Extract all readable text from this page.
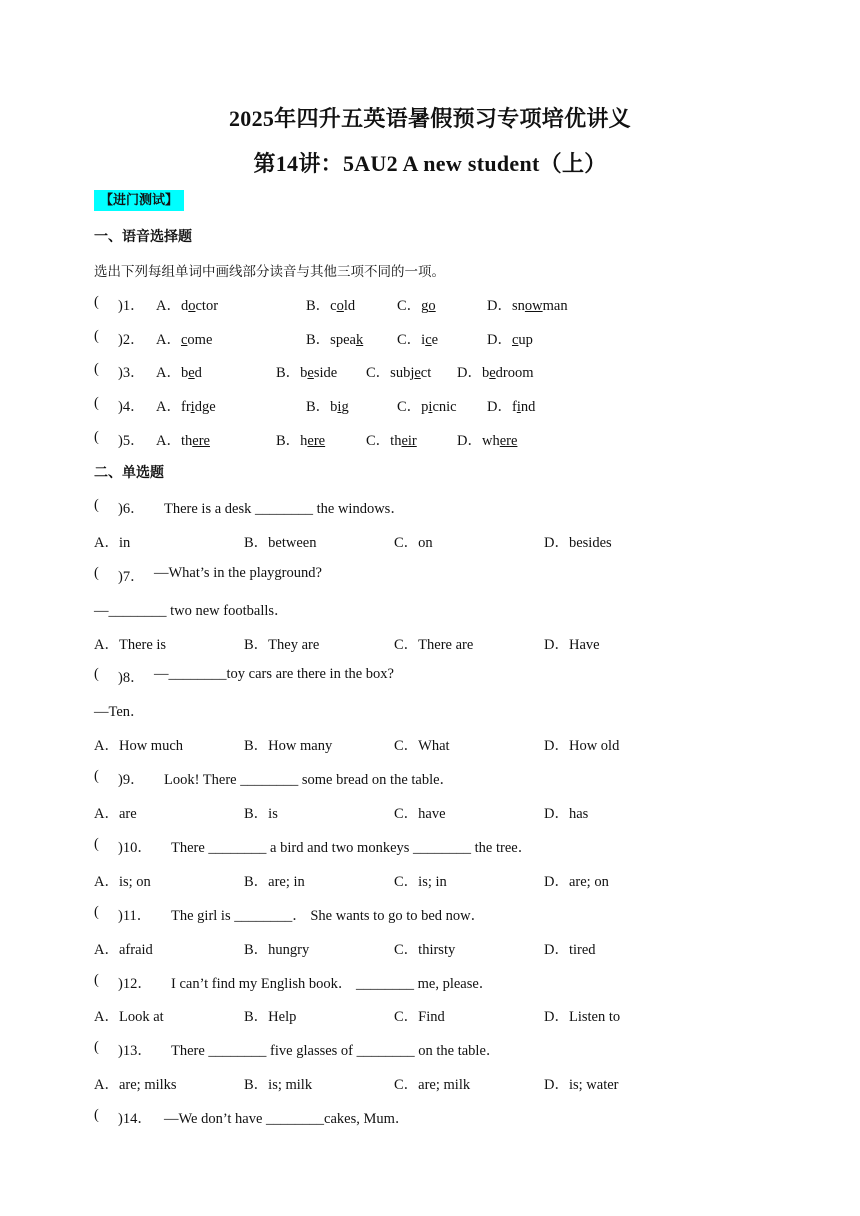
2025年四升五英语暑假预习专项培优讲义
第14讲：5AU2 A new student（上）
【进门测试】
一、语音选择题
选出下列每组单词中画线部分读音与其他三项不同的一项。
二、单选题
( )1． A．doctor	B．cold	C．go	D．snowman
( )2． A．come	B．speak C．ice	D．cup
( )3． A．bed	B．beside C．subject D．bedroom
( )4． A．fridge	B．big	C．picnic D．find
( )5． A．there	B．here	C．their	D．where
( )6． There is a desk ________ the windows．
A．in	B．between	C．on	D．besides
( )7． —What’s in the playground?
—________ two new footballs．
A．There is	B．They are	C．There are	D．Have
( )8． —________toy cars are there in the box?
—Ten．
A．How much	B．How many	C．What	D．How old
( )9． Look! There ________ some bread on the table．
A．are	B．is	C．have	D．has
( )10． There ________ a bird and two monkeys ________ the tree．
A．is; on	B．are; in	C．is; in	D．are; on
( )11． The girl is ________． She wants to go to bed now．
A．afraid	B．hungry	C．thirsty	D．tired
( )12． I can’t find my English book． ________ me, please．
A．Look at	B．Help	C．Find	D．Listen to
( )13． There ________ five glasses of ________ on the table．
A．are; milks	B．is; milk	C．are; milk	D．is; water
( )14． —We don’t have ________cakes, Mum．
